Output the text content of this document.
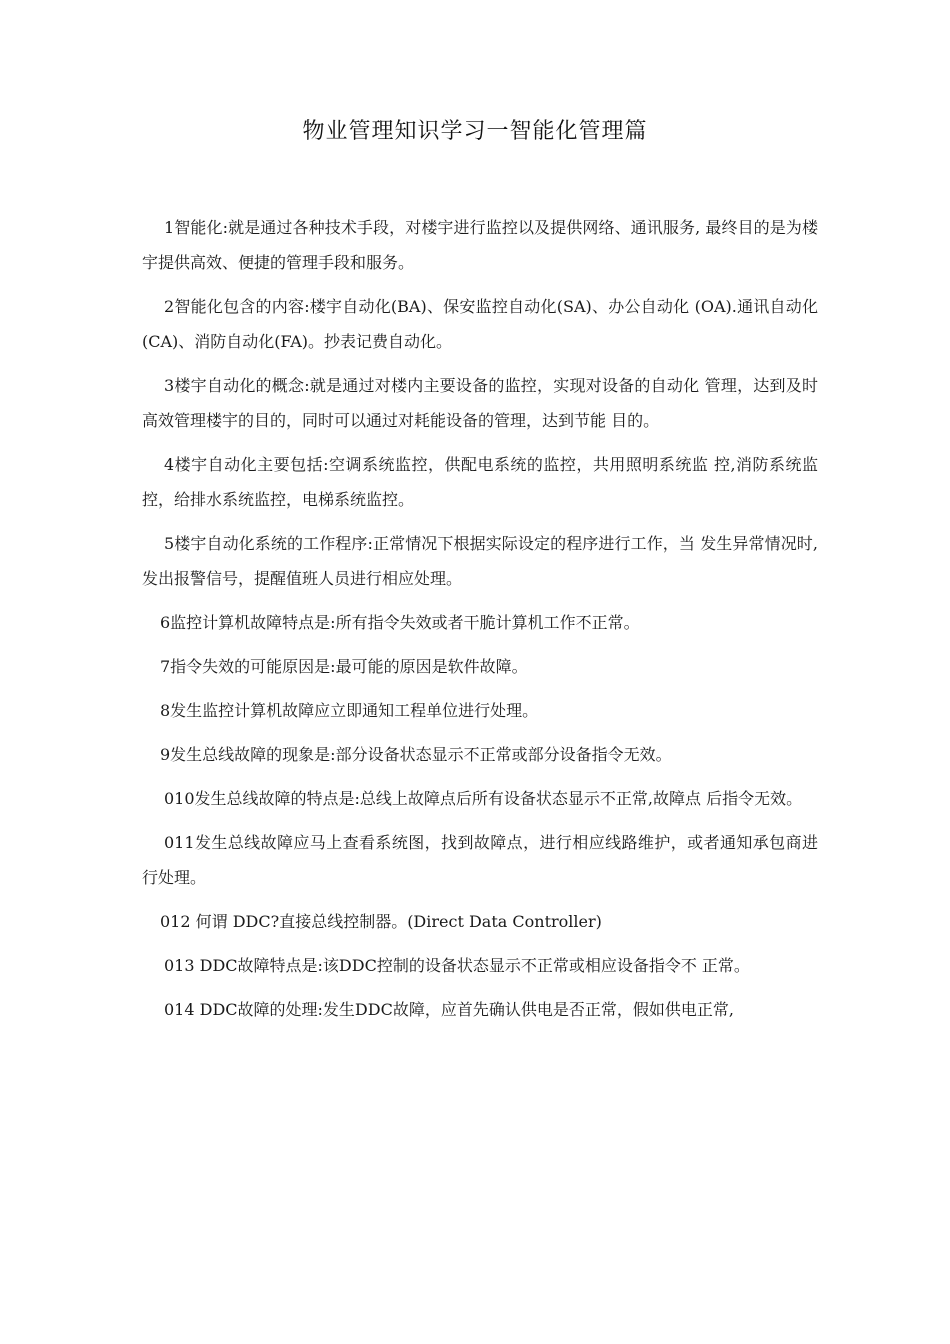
物业管理知识学习一智能化管理篇

1智能化:就是通过各种技术手段，对楼宇进行监控以及提供网络、通讯服务, 最终目的是为楼宇提供高效、便捷的管理手段和服务。

2智能化包含的内容:楼宇自动化(BA)、保安监控自动化(SA)、办公自动化 (OA).通讯自动化(CA)、消防自动化(FA)。抄表记费自动化。

3楼宇自动化的概念:就是通过对楼内主要设备的监控，实现对设备的自动化 管理，达到及时高效管理楼宇的目的，同时可以通过对耗能设备的管理，达到节能 目的。

4楼宇自动化主要包括:空调系统监控，供配电系统的监控，共用照明系统监 控,消防系统监控，给排水系统监控，电梯系统监控。

5楼宇自动化系统的工作程序:正常情况下根据实际设定的程序进行工作，当 发生异常情况时,发出报警信号，提醒值班人员进行相应处理。

6监控计算机故障特点是:所有指令失效或者干脆计算机工作不正常。

7指令失效的可能原因是:最可能的原因是软件故障。

8发生监控计算机故障应立即通知工程单位进行处理。

9发生总线故障的现象是:部分设备状态显示不正常或部分设备指令无效。

010发生总线故障的特点是:总线上故障点后所有设备状态显示不正常,故障点 后指令无效。

011发生总线故障应马上查看系统图，找到故障点，进行相应线路维护，或者通知承包商进行处理。

012 何谓 DDC?直接总线控制器。(Direct Data Controller)

013 DDC故障特点是:该DDC控制的设备状态显示不正常或相应设备指令不 正常。

014 DDC故障的处理:发生DDC故障，应首先确认供电是否正常，假如供电正常,
